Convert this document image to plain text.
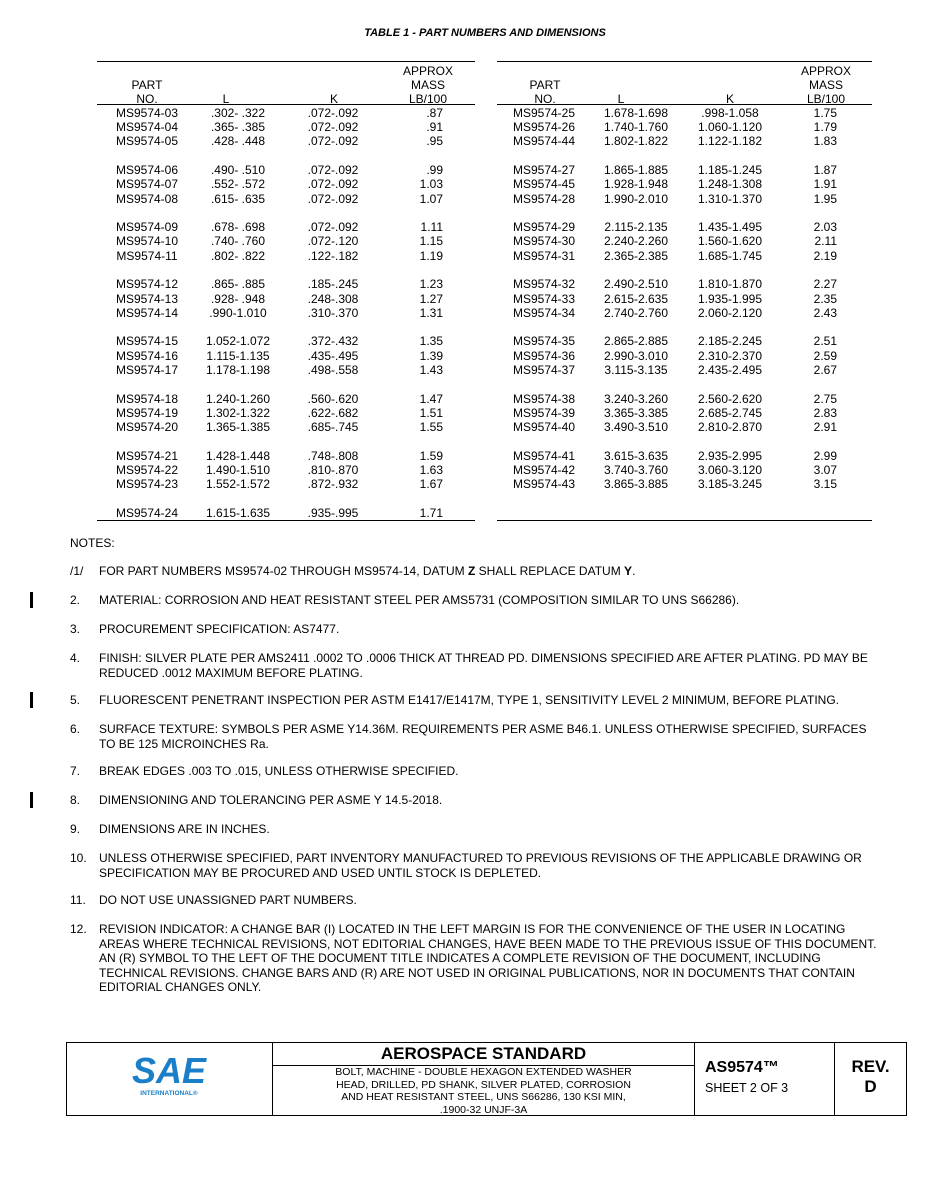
TABLE 1 - PART NUMBERS AND DIMENSIONS
PART
NO.	L	K
APPROX
MASS
LB/100
MS9574-03	.302- .322	.072-.092	.87
MS9574-04	.365- .385	.072-.092	.91
MS9574-05	.428- .448	.072-.092	.95
MS9574-06	.490- .510	.072-.092	.99
MS9574-07	.552- .572	.072-.092	1.03
MS9574-08	.615- .635	.072-.092	1.07
MS9574-09	.678- .698	.072-.092	1.11
MS9574-10	.740- .760	.072-.120	1.15
MS9574-11	.802- .822	.122-.182	1.19
MS9574-12	.865- .885	.185-.245	1.23
MS9574-13	.928- .948	.248-.308	1.27
MS9574-14	.990-1.010	.310-.370	1.31
MS9574-15	1.052-1.072	.372-.432	1.35
MS9574-16	1.115-1.135	.435-.495	1.39
MS9574-17	1.178-1.198	.498-.558	1.43
MS9574-18	1.240-1.260	.560-.620	1.47
MS9574-19	1.302-1.322	.622-.682	1.51
MS9574-20	1.365-1.385	.685-.745	1.55
MS9574-21	1.428-1.448	.748-.808	1.59
MS9574-22	1.490-1.510	.810-.870	1.63
MS9574-23	1.552-1.572	.872-.932	1.67
MS9574-24	1.615-1.635	.935-.995	1.71
PART
NO.	L	K
APPROX
MASS
LB/100
MS9574-25	1.678-1.698	.998-1.058	1.75
MS9574-26	1.740-1.760	1.060-1.120	1.79
MS9574-44	1.802-1.822	1.122-1.182	1.83
MS9574-27	1.865-1.885	1.185-1.245	1.87
MS9574-45	1.928-1.948	1.248-1.308	1.91
MS9574-28	1.990-2.010	1.310-1.370	1.95
MS9574-29	2.115-2.135	1.435-1.495	2.03
MS9574-30	2.240-2.260	1.560-1.620	2.11
MS9574-31	2.365-2.385	1.685-1.745	2.19
MS9574-32	2.490-2.510	1.810-1.870	2.27
MS9574-33	2.615-2.635	1.935-1.995	2.35
MS9574-34	2.740-2.760	2.060-2.120	2.43
MS9574-35	2.865-2.885	2.185-2.245	2.51
MS9574-36	2.990-3.010	2.310-2.370	2.59
MS9574-37	3.115-3.135	2.435-2.495	2.67
MS9574-38	3.240-3.260	2.560-2.620	2.75
MS9574-39	3.365-3.385	2.685-2.745	2.83
MS9574-40	3.490-3.510	2.810-2.870	2.91
MS9574-41	3.615-3.635	2.935-2.995	2.99
MS9574-42	3.740-3.760	3.060-3.120	3.07
MS9574-43	3.865-3.885	3.185-3.245	3.15
NOTES:
/1/ FOR PART NUMBERS MS9574-02 THROUGH MS9574-14, DATUM Z SHALL REPLACE DATUM Y.
2. MATERIAL: CORROSION AND HEAT RESISTANT STEEL PER AMS5731 (COMPOSITION SIMILAR TO UNS S66286).
3. PROCUREMENT SPECIFICATION: AS7477.
4. FINISH: SILVER PLATE PER AMS2411 .0002 TO .0006 THICK AT THREAD PD. DIMENSIONS SPECIFIED ARE AFTER PLATING. PD MAY BE REDUCED .0012 MAXIMUM BEFORE PLATING.
5. FLUORESCENT PENETRANT INSPECTION PER ASTM E1417/E1417M, TYPE 1, SENSITIVITY LEVEL 2 MINIMUM, BEFORE PLATING.
6. SURFACE TEXTURE: SYMBOLS PER ASME Y14.36M. REQUIREMENTS PER ASME B46.1. UNLESS OTHERWISE SPECIFIED, SURFACES TO BE 125 MICROINCHES Ra.
7. BREAK EDGES .003 TO .015, UNLESS OTHERWISE SPECIFIED.
8. DIMENSIONING AND TOLERANCING PER ASME Y 14.5-2018.
9. DIMENSIONS ARE IN INCHES.
10. UNLESS OTHERWISE SPECIFIED, PART INVENTORY MANUFACTURED TO PREVIOUS REVISIONS OF THE APPLICABLE DRAWING OR SPECIFICATION MAY BE PROCURED AND USED UNTIL STOCK IS DEPLETED.
11. DO NOT USE UNASSIGNED PART NUMBERS.
12. REVISION INDICATOR: A CHANGE BAR (I) LOCATED IN THE LEFT MARGIN IS FOR THE CONVENIENCE OF THE USER IN LOCATING AREAS WHERE TECHNICAL REVISIONS, NOT EDITORIAL CHANGES, HAVE BEEN MADE TO THE PREVIOUS ISSUE OF THIS DOCUMENT. AN (R) SYMBOL TO THE LEFT OF THE DOCUMENT TITLE INDICATES A COMPLETE REVISION OF THE DOCUMENT, INCLUDING TECHNICAL REVISIONS. CHANGE BARS AND (R) ARE NOT USED IN ORIGINAL PUBLICATIONS, NOR IN DOCUMENTS THAT CONTAIN EDITORIAL CHANGES ONLY.
SAE
INTERNATIONAL®
AEROSPACE STANDARD
BOLT, MACHINE - DOUBLE HEXAGON EXTENDED WASHER
HEAD, DRILLED, PD SHANK, SILVER PLATED, CORROSION
AND HEAT RESISTANT STEEL, UNS S66286, 130 KSI MIN,
.1900-32 UNJF-3A
AS9574™
SHEET 2 OF 3
REV.
D
